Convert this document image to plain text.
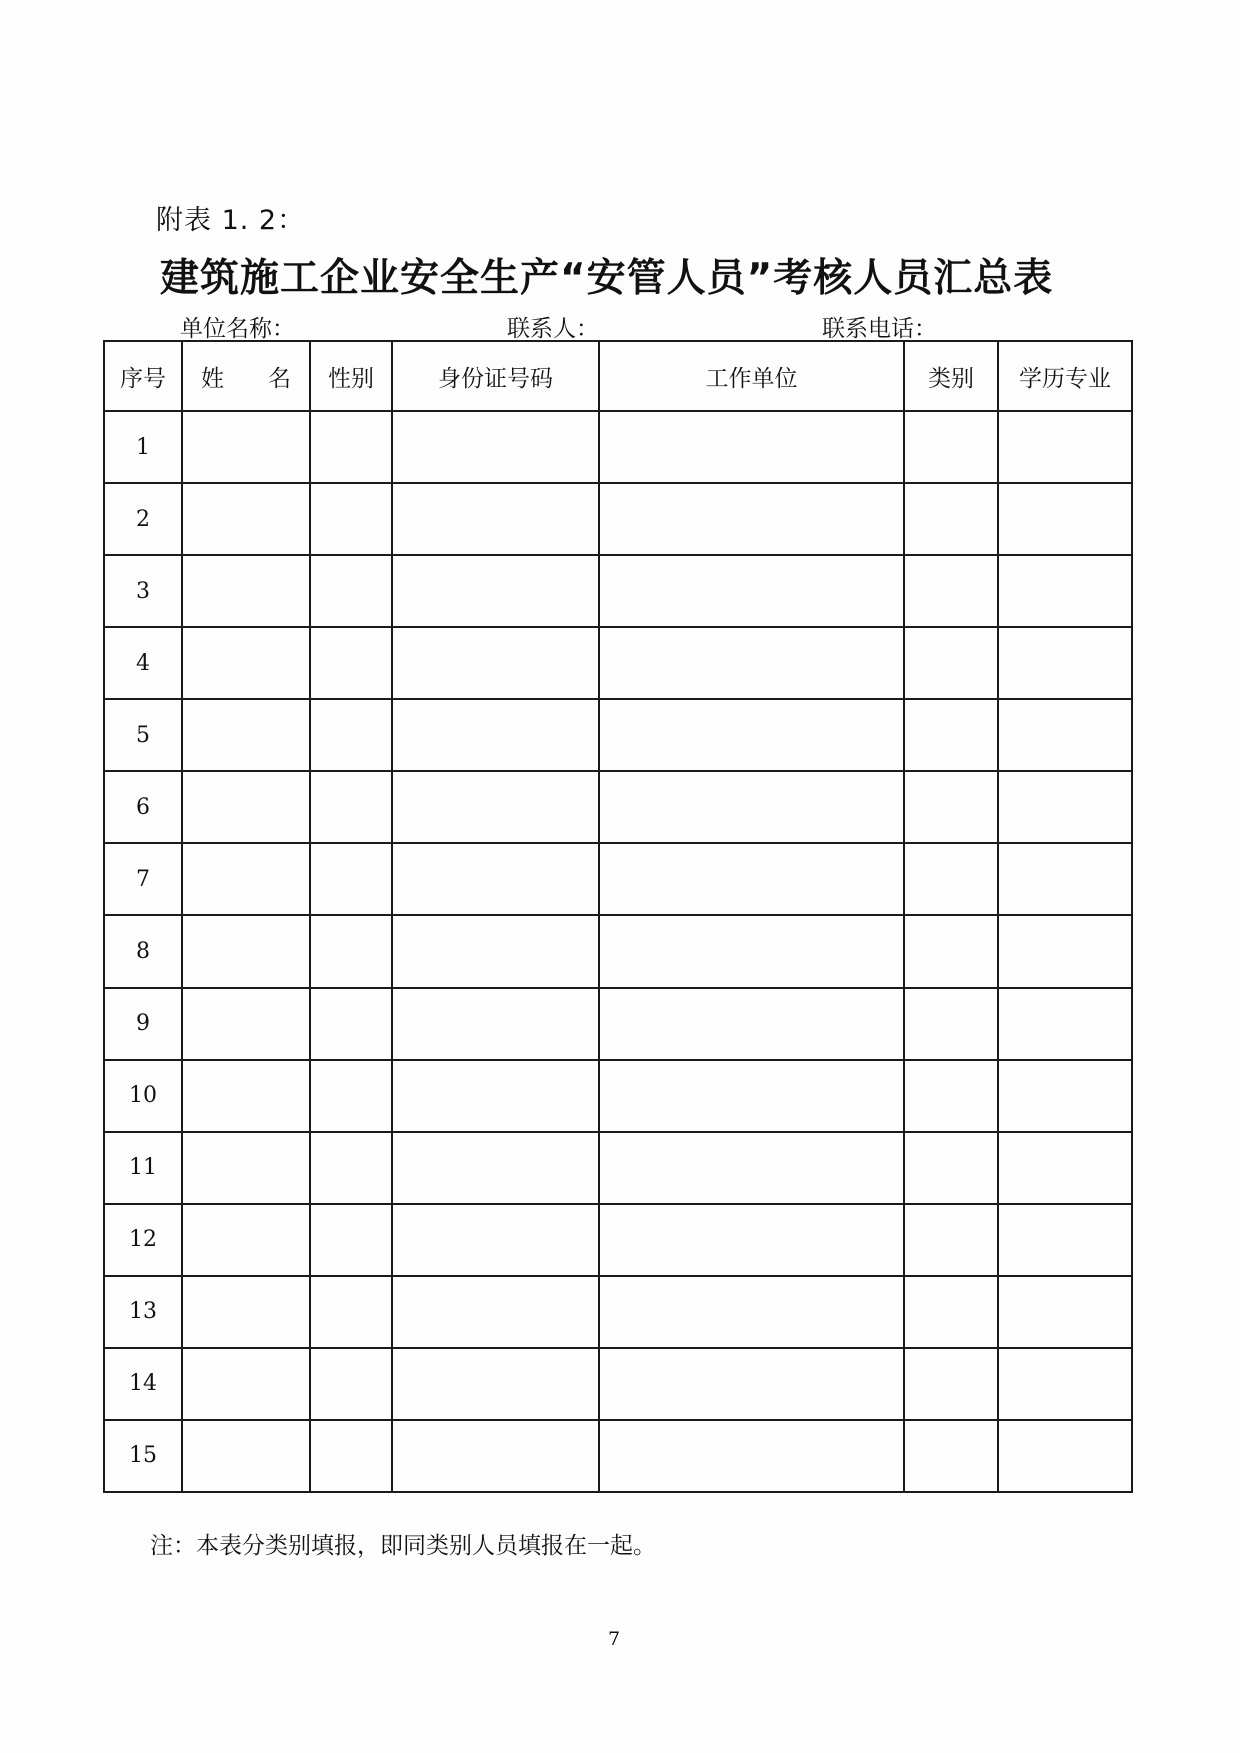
附表 1. 2：
建筑施工企业安全生产“安管人员”考核人员汇总表
单位名称：	联系人：	联系电话：
序号	姓 名	性别	身份证号码	工作单位	类别	学历专业
1						
2						
3						
4						
5						
6						
7						
8						
9						
10						
11						
12						
13						
14						
15						
注：本表分类别填报，即同类别人员填报在一起。
7
